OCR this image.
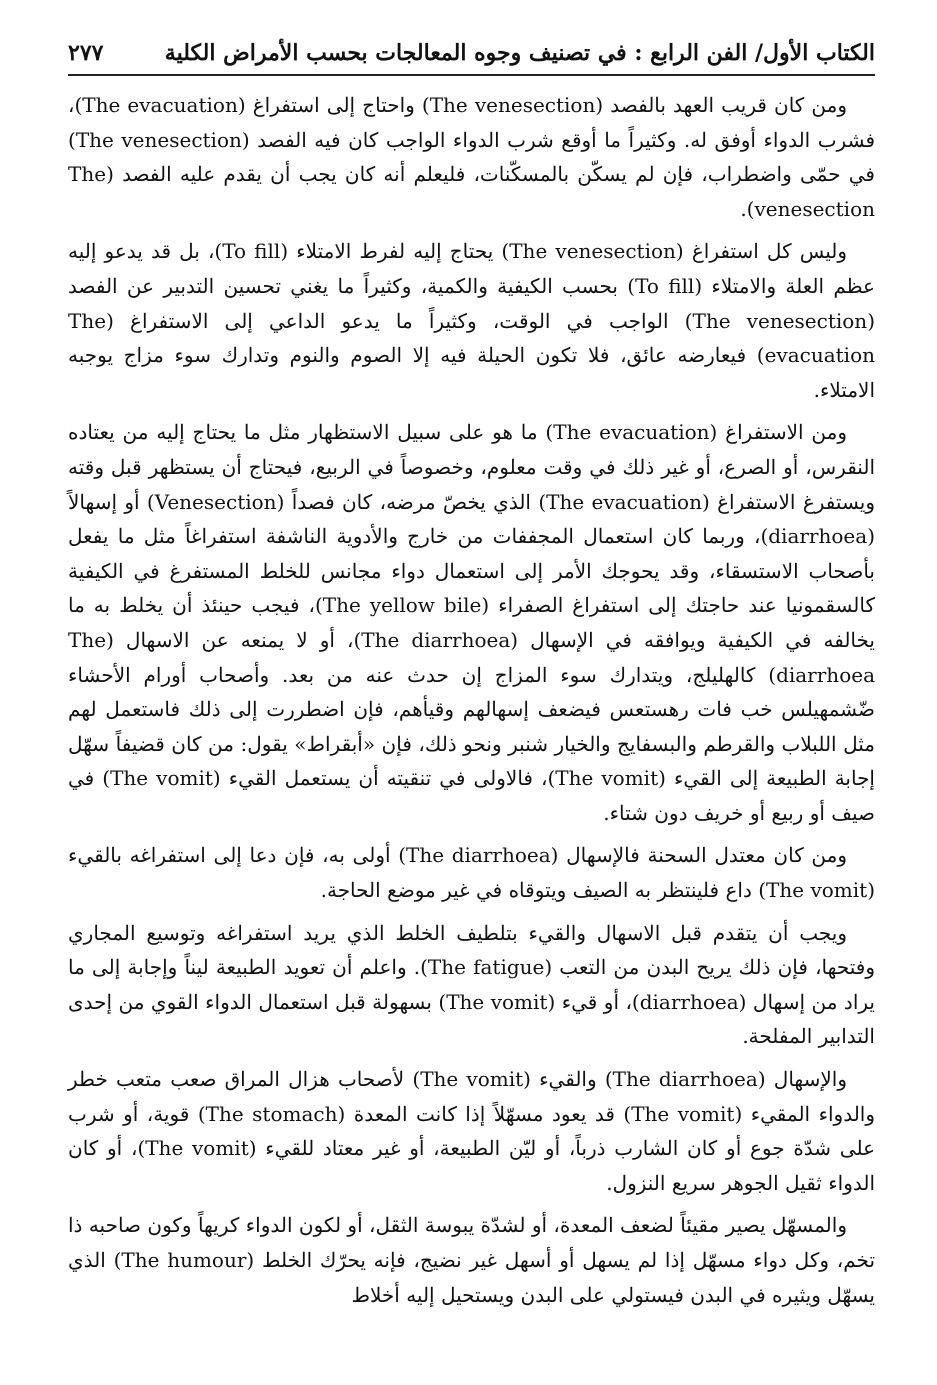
الكتاب الأول/ الفن الرابع : في تصنيف وجوه المعالجات بحسب الأمراض الكلية
٢٧٧

ومن كان قريب العهد بالفصد (The venesection) واحتاج إلى استفراغ (The evacuation)، فشرب الدواء أوفق له. وكثيراً ما أوقع شرب الدواء الواجب كان فيه الفصد (The venesection) في حمّى واضطراب، فإن لم يسكّن بالمسكّنات، فليعلم أنه كان يجب أن يقدم عليه الفصد (The venesection).

وليس كل استفراغ (The venesection) يحتاج إليه لفرط الامتلاء (To fill)، بل قد يدعو إليه عظم العلة والامتلاء (To fill) بحسب الكيفية والكمية، وكثيراً ما يغني تحسين التدبير عن الفصد (The venesection) الواجب في الوقت، وكثيراً ما يدعو الداعي إلى الاستفراغ (The evacuation) فيعارضه عائق، فلا تكون الحيلة فيه إلا الصوم والنوم وتدارك سوء مزاج يوجبه الامتلاء.

ومن الاستفراغ (The evacuation) ما هو على سبيل الاستظهار مثل ما يحتاج إليه من يعتاده النقرس، أو الصرع، أو غير ذلك في وقت معلوم، وخصوصاً في الربيع، فيحتاج أن يستظهر قبل وقته ويستفرغ الاستفراغ (The evacuation) الذي يخصّ مرضه، كان فصداً (Venesection) أو إسهالاً (diarrhoea)، وربما كان استعمال المجففات من خارج والأدوية الناشفة استفراغاً مثل ما يفعل بأصحاب الاستسقاء، وقد يحوجك الأمر إلى استعمال دواء مجانس للخلط المستفرغ في الكيفية كالسقمونيا عند حاجتك إلى استفراغ الصفراء (The yellow bile)، فيجب حينئذ أن يخلط به ما يخالفه في الكيفية ويوافقه في الإسهال (The diarrhoea)، أو لا يمنعه عن الاسهال (The diarrhoea) كالهليلج، ويتدارك سوء المزاج إن حدث عنه من بعد. وأصحاب أورام الأحشاء ضّشمهيلس خب فات رهستعس فيضعف إسهالهم وقيأهم، فإن اضطررت إلى ذلك فاستعمل لهم مثل اللبلاب والقرطم والبسفايج والخيار شنبر ونحو ذلك، فإن «أبقراط» يقول: من كان قضيفاً سهّل إجابة الطبيعة إلى القيء (The vomit)، فالاولى في تنقيته أن يستعمل القيء (The vomit) في صيف أو ربيع أو خريف دون شتاء.

ومن كان معتدل السحنة فالإسهال (The diarrhoea) أولى به، فإن دعا إلى استفراغه بالقيء (The vomit) داع فلينتظر به الصيف ويتوقاه في غير موضع الحاجة.

ويجب أن يتقدم قبل الاسهال والقيء بتلطيف الخلط الذي يريد استفراغه وتوسيع المجاري وفتحها، فإن ذلك يريح البدن من التعب (The fatigue). واعلم أن تعويد الطبيعة ليناً وإجابة إلى ما يراد من إسهال (diarrhoea)، أو قيء (The vomit) بسهولة قبل استعمال الدواء القوي من إحدى التدابير المفلحة.

والإسهال (The diarrhoea) والقيء (The vomit) لأصحاب هزال المراق صعب متعب خطر والدواء المقيء (The vomit) قد يعود مسهّلاً إذا كانت المعدة (The stomach) قوية، أو شرب على شدّة جوع أو كان الشارب ذرباً، أو ليّن الطبيعة، أو غير معتاد للقيء (The vomit)، أو كان الدواء ثقيل الجوهر سريع النزول.

والمسهّل يصير مقيئاً لضعف المعدة، أو لشدّة يبوسة الثقل، أو لكون الدواء كريهاً وكون صاحبه ذا تخم، وكل دواء مسهّل إذا لم يسهل أو أسهل غير نضيج، فإنه يحرّك الخلط (The humour) الذي يسهّل ويثيره في البدن فيستولي على البدن ويستحيل إليه أخلاط
